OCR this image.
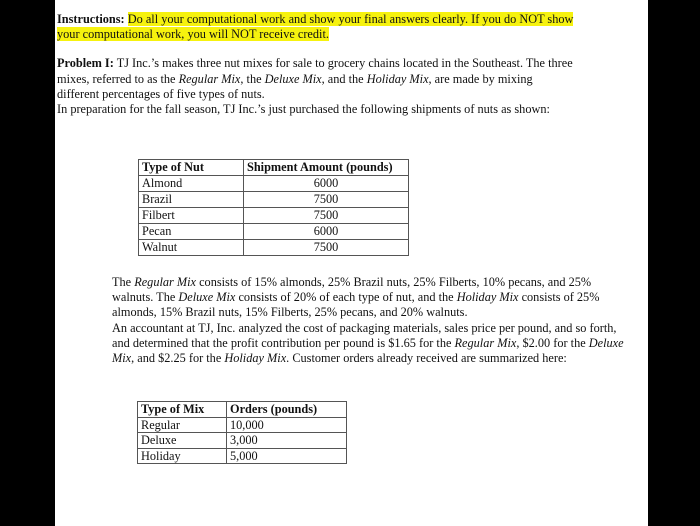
Instructions: Do all your computational work and show your final answers clearly. If you do NOT show your computational work, you will NOT receive credit.

Problem I: TJ Inc.’s makes three nut mixes for sale to grocery chains located in the Southeast. The three mixes, referred to as the Regular Mix, the Deluxe Mix, and the Holiday Mix, are made by mixing different percentages of five types of nuts.

In preparation for the fall season, TJ Inc.’s just purchased the following shipments of nuts as shown:

Type of Nut	Shipment Amount (pounds)
Almond	6000
Brazil	7500
Filbert	7500
Pecan	6000
Walnut	7500

The Regular Mix consists of 15% almonds, 25% Brazil nuts, 25% Filberts, 10% pecans, and 25% walnuts. The Deluxe Mix consists of 20% of each type of nut, and the Holiday Mix consists of 25% almonds, 15% Brazil nuts, 15% Filberts, 25% pecans, and 20% walnuts.

An accountant at TJ, Inc. analyzed the cost of packaging materials, sales price per pound, and so forth, and determined that the profit contribution per pound is $1.65 for the Regular Mix, $2.00 for the Deluxe Mix, and $2.25 for the Holiday Mix. Customer orders already received are summarized here:

Type of Mix	Orders (pounds)
Regular	10,000
Deluxe	3,000
Holiday	5,000
